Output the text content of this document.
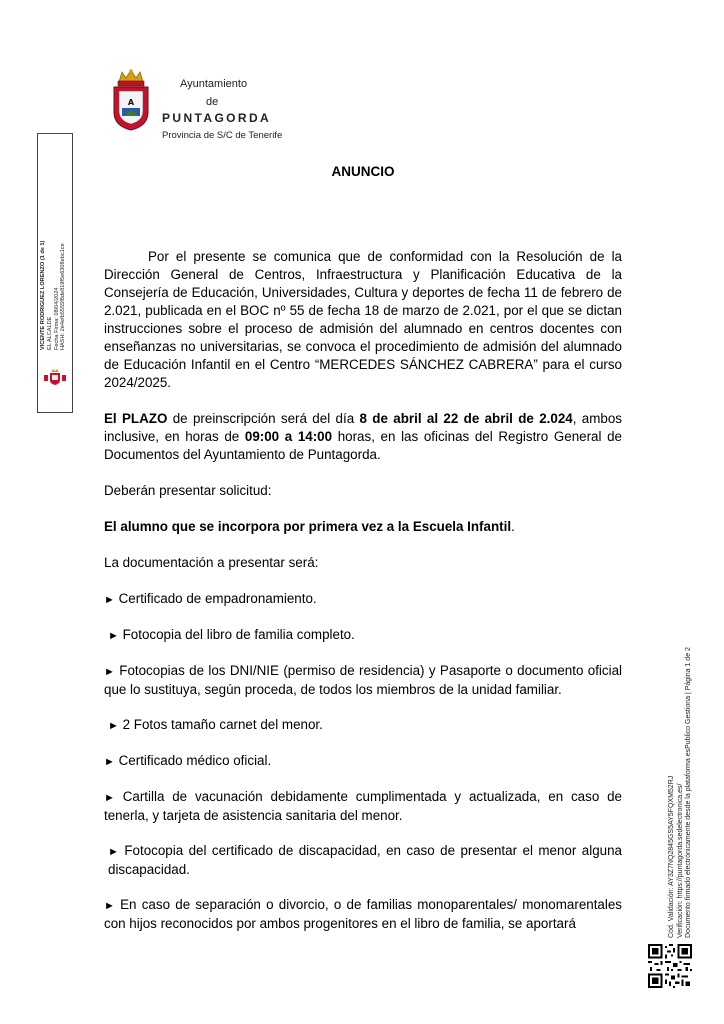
A
Ayuntamiento
de
PUNTAGORDA
Provincia de S/C de Tenerife
VICENTE RODRIGUEZ LORENZO (1 de 1) EL ALCALDE Fecha Firma: 08/04/2024 HASH: 2e4efb5555f8de819f5e6308ebc1ce
ANUNCIO

Por el presente se comunica que de conformidad con la Resolución de la Dirección General de Centros, Infraestructura y Planificación Educativa de la Consejería de Educación, Universidades, Cultura y deportes de fecha 11 de febrero de 2.021, publicada en el BOC nº 55 de fecha 18 de marzo de 2.021, por el que se dictan instrucciones sobre el proceso de admisión del alumnado en centros docentes con enseñanzas no universitarias, se convoca el procedimiento de admisión del alumnado de Educación Infantil en el Centro “MERCEDES SÁNCHEZ CABRERA” para el curso 2024/2025.

El PLAZO de preinscripción será del día 8 de abril al 22 de abril de 2.024, ambos inclusive, en horas de 09:00 a 14:00 horas, en las oficinas del Registro General de Documentos del Ayuntamiento de Puntagorda.

Deberán presentar solicitud:

El alumno que se incorpora por primera vez a la Escuela Infantil.

La documentación a presentar será:

► Certificado de empadronamiento.

► Fotocopia del libro de familia completo.

► Fotocopias de los DNI/NIE (permiso de residencia) y Pasaporte o documento oficial que lo sustituya, según proceda, de todos los miembros de la unidad familiar.

► 2 Fotos tamaño carnet del menor.

► Certificado médico oficial.

► Cartilla de vacunación debidamente cumplimentada y actualizada, en caso de tenerla, y tarjeta de asistencia sanitaria del menor.

► Fotocopia del certificado de discapacidad, en caso de presentar el menor alguna discapacidad.

► En caso de separación o divorcio, o de familias monoparentales/ monomarentales con hijos reconocidos por ambos progenitores en el libro de familia, se aportará	Cód. Validación: AY3Z7NQ2845GS5AY5FQXM52RJ Verificación: https://puntagorda.sedelectronica.es/ Documento firmado electrónicamente desde la plataforma esPublico Gestiona | Página 1 de 2
